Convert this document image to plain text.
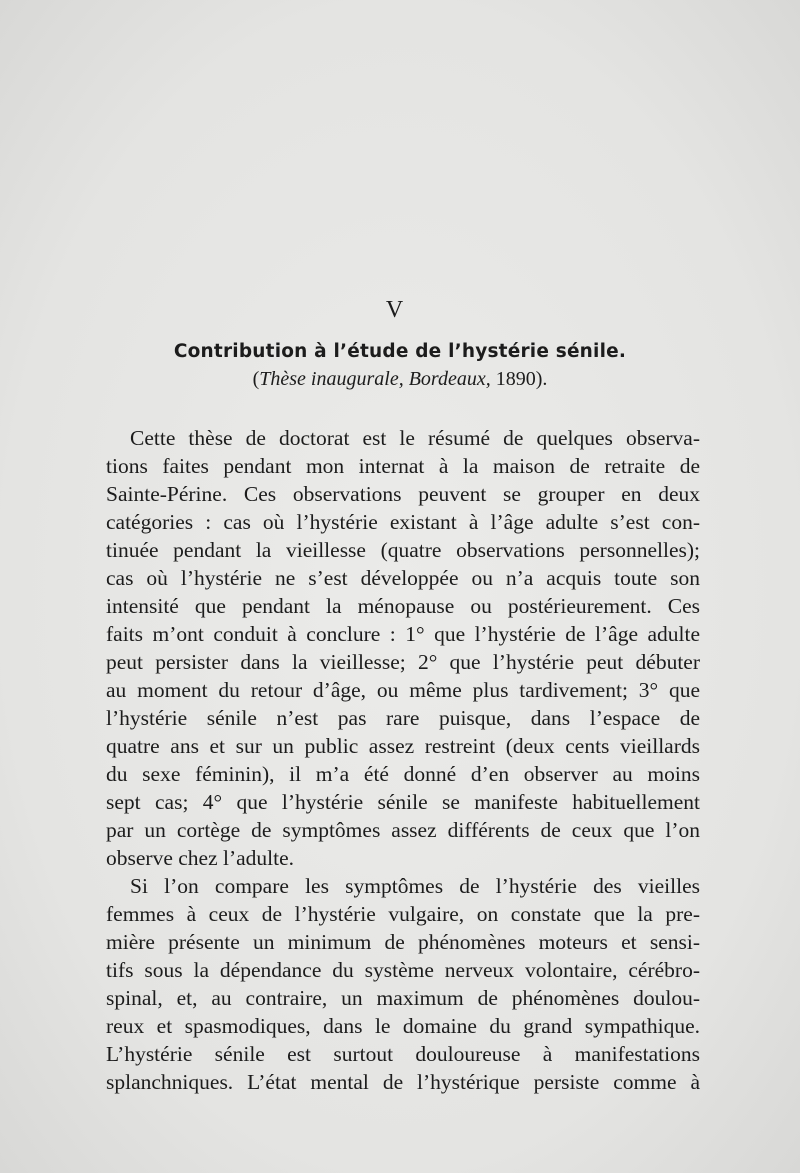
V
Contribution à l’étude de l’hystérie sénile.
(Thèse inaugurale, Bordeaux, 1890).
Cette thèse de doctorat est le résumé de quelques observa-
tions faites pendant mon internat à la maison de retraite de
Sainte-Périne. Ces observations peuvent se grouper en deux
catégories : cas où l’hystérie existant à l’âge adulte s’est con-
tinuée pendant la vieillesse (quatre observations personnelles);
cas où l’hystérie ne s’est développée ou n’a acquis toute son
intensité que pendant la ménopause ou postérieurement. Ces
faits m’ont conduit à conclure : 1° que l’hystérie de l’âge adulte
peut persister dans la vieillesse; 2° que l’hystérie peut débuter
au moment du retour d’âge, ou même plus tardivement; 3° que
l’hystérie sénile n’est pas rare puisque, dans l’espace de
quatre ans et sur un public assez restreint (deux cents vieillards
du sexe féminin), il m’a été donné d’en observer au moins
sept cas; 4° que l’hystérie sénile se manifeste habituellement
par un cortège de symptômes assez différents de ceux que l’on
observe chez l’adulte.
Si l’on compare les symptômes de l’hystérie des vieilles
femmes à ceux de l’hystérie vulgaire, on constate que la pre-
mière présente un minimum de phénomènes moteurs et sensi-
tifs sous la dépendance du système nerveux volontaire, cérébro-
spinal, et, au contraire, un maximum de phénomènes doulou-
reux et spasmodiques, dans le domaine du grand sympathique.
L’hystérie sénile est surtout douloureuse à manifestations
splanchniques. L’état mental de l’hystérique persiste comme à
